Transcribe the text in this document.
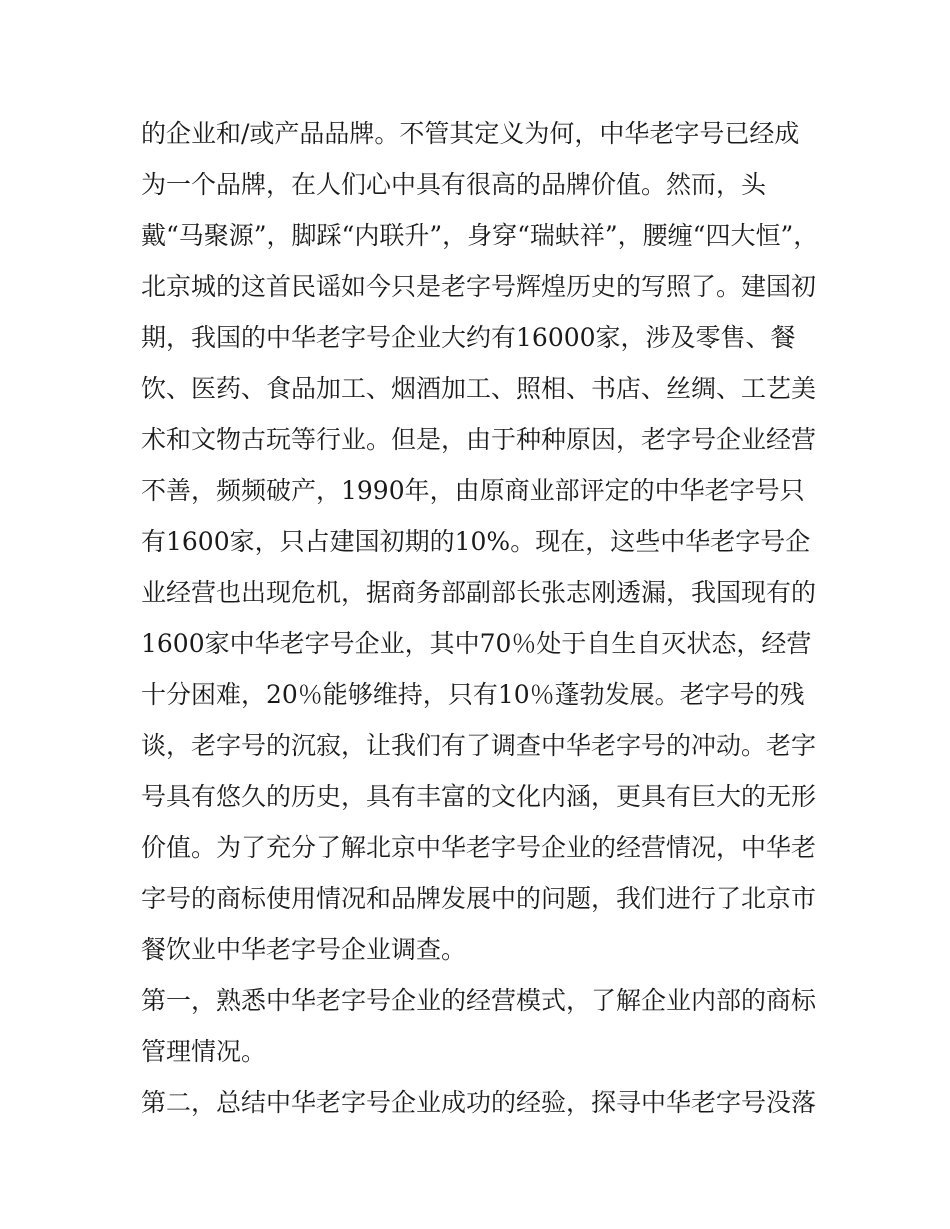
的企业和/或产品品牌。不管其定义为何，中华老字号已经成
为一个品牌，在人们心中具有很高的品牌价值。然而，头
戴“马聚源”，脚踩“内联升”，身穿“瑞蚨祥”，腰缠“四大恒”，
北京城的这首民谣如今只是老字号辉煌历史的写照了。建国初
期，我国的中华老字号企业大约有16000家，涉及零售、餐
饮、医药、食品加工、烟酒加工、照相、书店、丝绸、工艺美
术和文物古玩等行业。但是，由于种种原因，老字号企业经营
不善，频频破产，1990年，由原商业部评定的中华老字号只
有1600家，只占建国初期的10%。现在，这些中华老字号企
业经营也出现危机，据商务部副部长张志刚透漏，我国现有的
1600家中华老字号企业，其中70％处于自生自灭状态，经营
十分困难，20％能够维持，只有10％蓬勃发展。老字号的残
谈，老字号的沉寂，让我们有了调查中华老字号的冲动。老字
号具有悠久的历史，具有丰富的文化内涵，更具有巨大的无形
价值。为了充分了解北京中华老字号企业的经营情况，中华老
字号的商标使用情况和品牌发展中的问题，我们进行了北京市
餐饮业中华老字号企业调查。
第一，熟悉中华老字号企业的经营模式，了解企业内部的商标
管理情况。
第二，总结中华老字号企业成功的经验，探寻中华老字号没落
